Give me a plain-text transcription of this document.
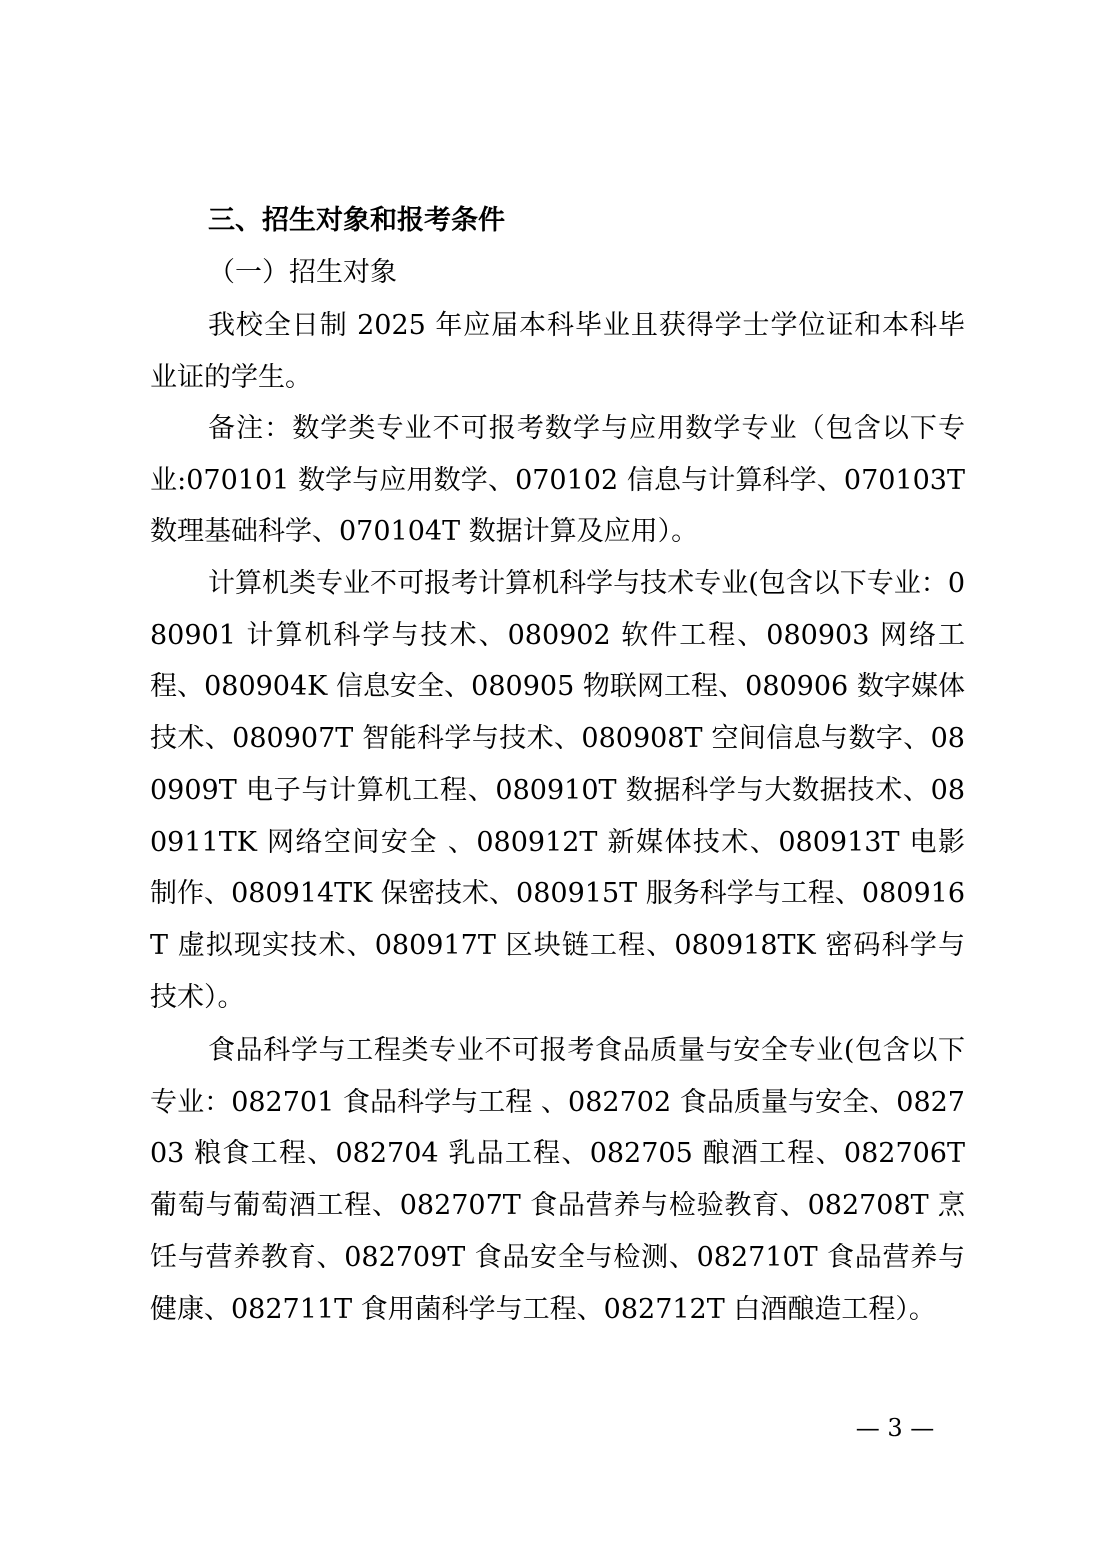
三、招生对象和报考条件
（一）招生对象

我校全日制 2025 年应届本科毕业且获得学士学位证和本科毕业证的学生。

备注：数学类专业不可报考数学与应用数学专业（包含以下专业:070101 数学与应用数学、070102 信息与计算科学、070103T 数理基础科学、070104T 数据计算及应用）。

计算机类专业不可报考计算机科学与技术专业(包含以下专业：080901 计算机科学与技术、080902 软件工程、080903 网络工程、080904K 信息安全、080905 物联网工程、080906 数字媒体技术、080907T 智能科学与技术、080908T 空间信息与数字、080909T 电子与计算机工程、080910T 数据科学与大数据技术、080911TK 网络空间安全 、080912T 新媒体技术、080913T 电影制作、080914TK 保密技术、080915T 服务科学与工程、080916T 虚拟现实技术、080917T 区块链工程、080918TK 密码科学与技术）。

食品科学与工程类专业不可报考食品质量与安全专业(包含以下专业：082701 食品科学与工程 、082702 食品质量与安全、082703 粮食工程、082704 乳品工程、082705 酿酒工程、082706T 葡萄与葡萄酒工程、082707T 食品营养与检验教育、082708T 烹饪与营养教育、082709T 食品安全与检测、082710T 食品营养与健康、082711T 食用菌科学与工程、082712T 白酒酿造工程）。

— 3 —
